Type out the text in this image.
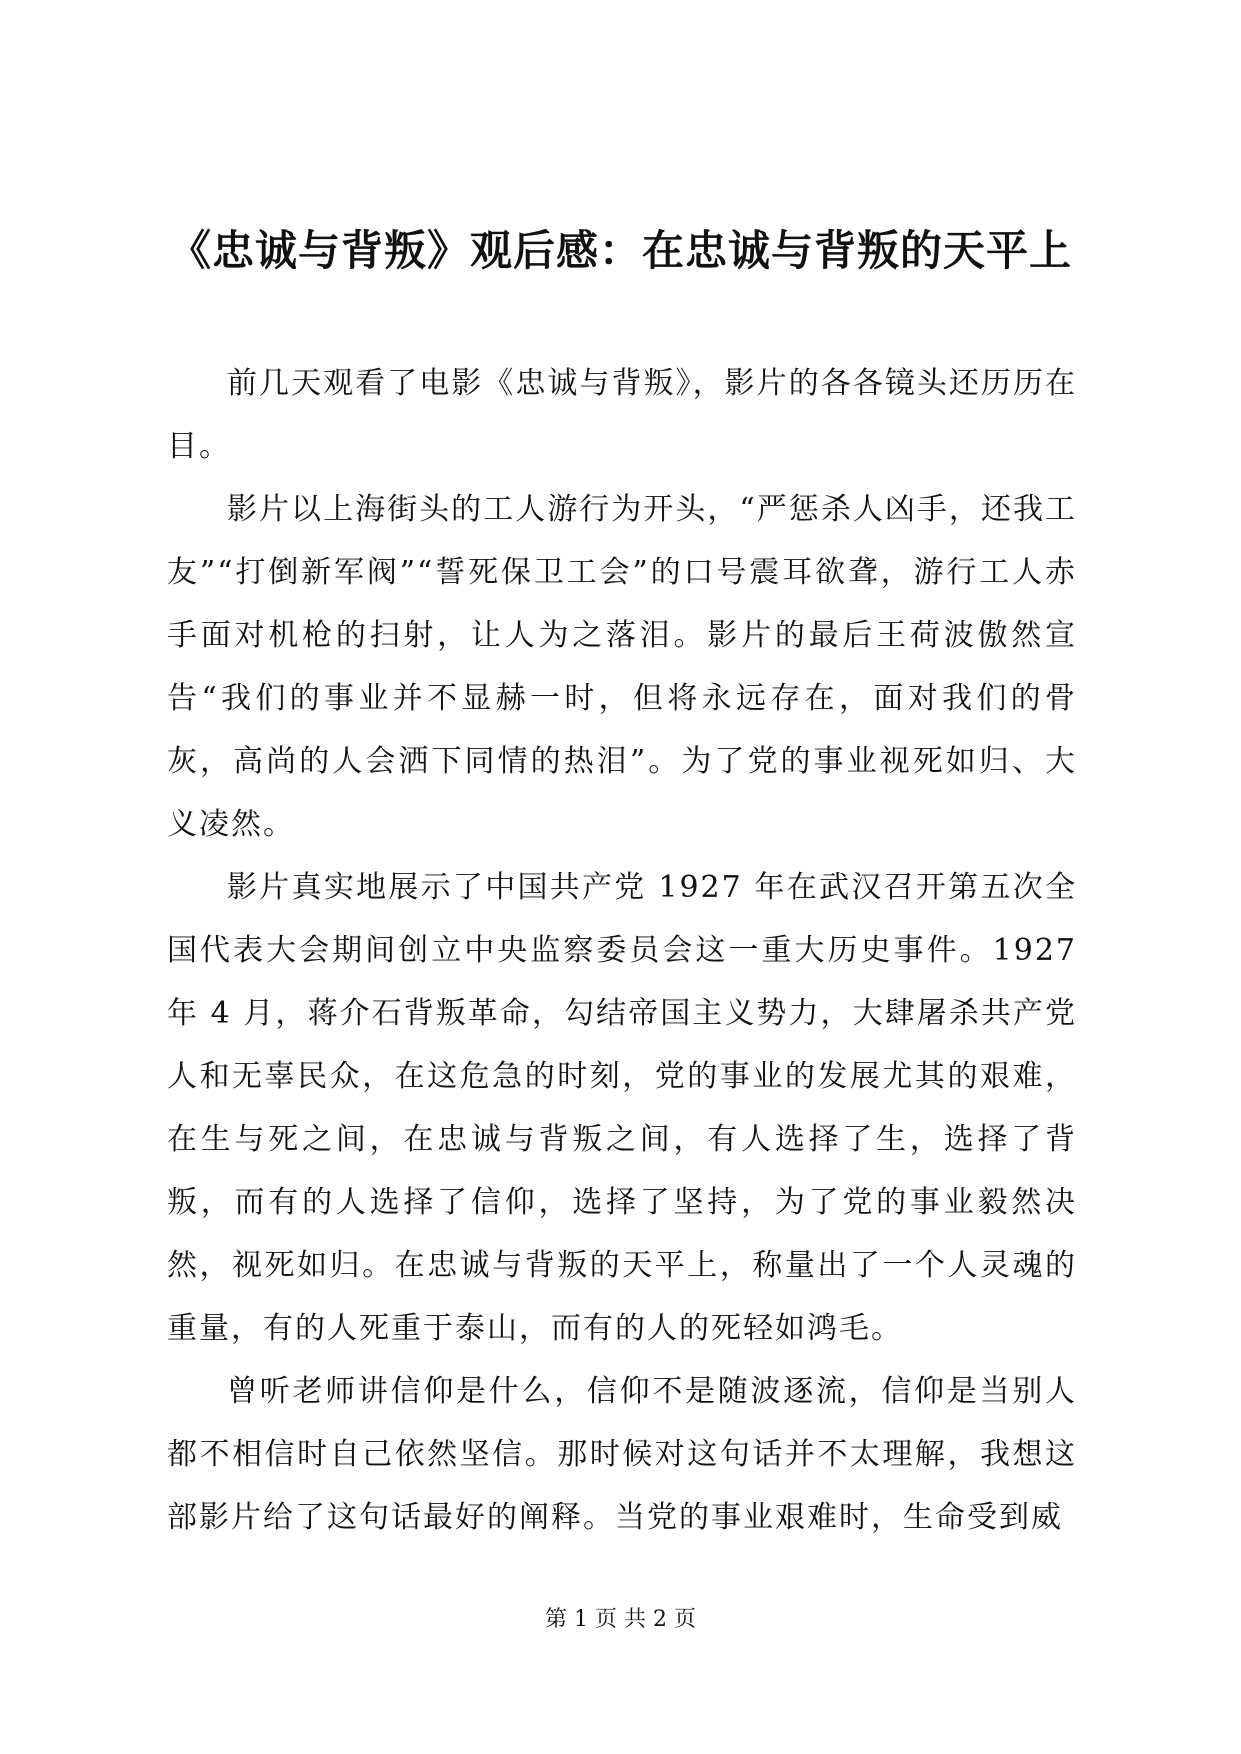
《忠诚与背叛》观后感：在忠诚与背叛的天平上

前几天观看了电影《忠诚与背叛》，影片的各各镜头还历历在目。

影片以上海街头的工人游行为开头，“严惩杀人凶手，还我工友”“打倒新军阀”“誓死保卫工会”的口号震耳欲聋，游行工人赤手面对机枪的扫射，让人为之落泪。影片的最后王荷波傲然宣告“我们的事业并不显赫一时，但将永远存在，面对我们的骨灰，高尚的人会洒下同情的热泪”。为了党的事业视死如归、大义凌然。

影片真实地展示了中国共产党 1927 年在武汉召开第五次全国代表大会期间创立中央监察委员会这一重大历史事件。1927 年 4 月，蒋介石背叛革命，勾结帝国主义势力，大肆屠杀共产党人和无辜民众，在这危急的时刻，党的事业的发展尤其的艰难，在生与死之间，在忠诚与背叛之间，有人选择了生，选择了背叛，而有的人选择了信仰，选择了坚持，为了党的事业毅然决然，视死如归。在忠诚与背叛的天平上，称量出了一个人灵魂的重量，有的人死重于泰山，而有的人的死轻如鸿毛。

曾听老师讲信仰是什么，信仰不是随波逐流，信仰是当别人都不相信时自己依然坚信。那时候对这句话并不太理解，我想这部影片给了这句话最好的阐释。当党的事业艰难时，生命受到威

第 1 页 共 2 页
